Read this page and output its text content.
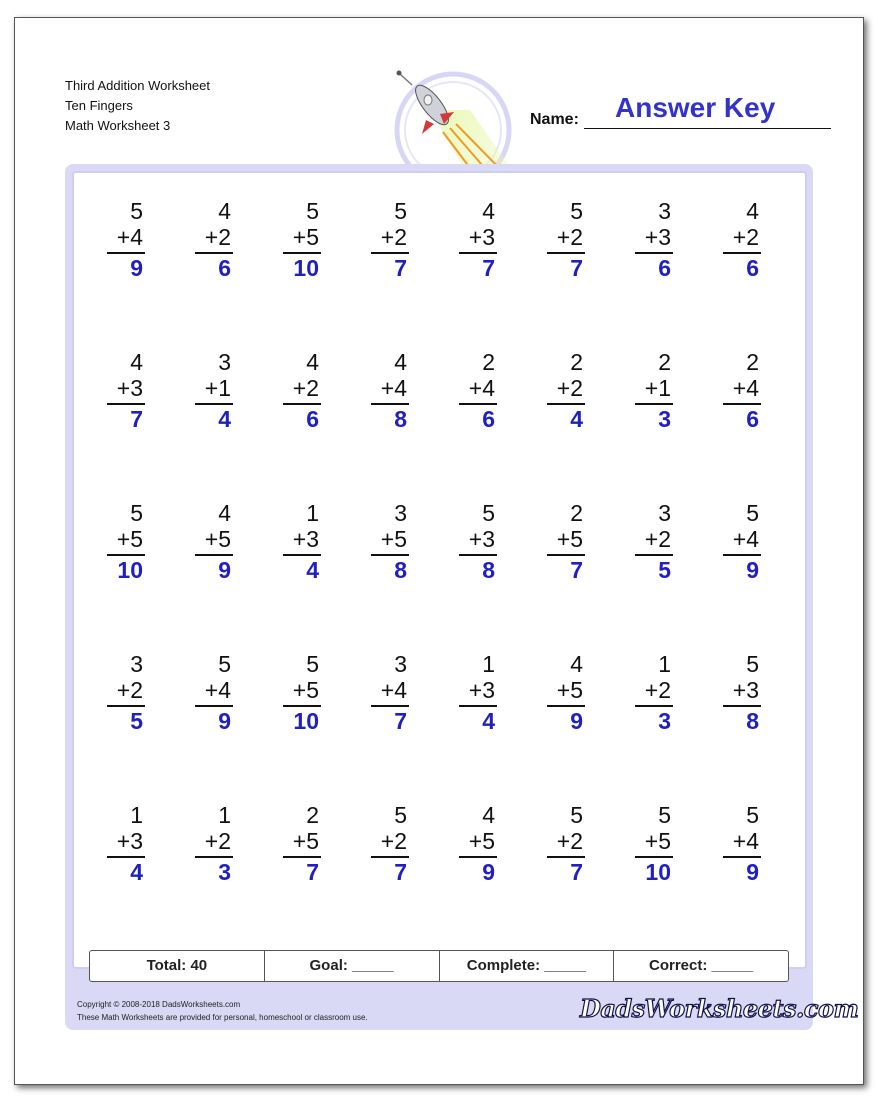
Third Addition Worksheet
Ten Fingers
Math Worksheet 3	Name: Answer Key
5
+4
9
4
+2
6
5
+5
10
5
+2
7
4
+3
7
5
+2
7
3
+3
6
4
+2
6
4
+3
7
3
+1
4
4
+2
6
4
+4
8
2
+4
6
2
+2
4
2
+1
3
2
+4
6
5
+5
10
4
+5
9
1
+3
4
3
+5
8
5
+3
8
2
+5
7
3
+2
5
5
+4
9
3
+2
5
5
+4
9
5
+5
10
3
+4
7
1
+3
4
4
+5
9
1
+2
3
5
+3
8
1
+3
4
1
+2
3
2
+5
7
5
+2
7
4
+5
9
5
+2
7
5
+5
10
5
+4
9
Total: 40	Goal: _____	Complete: _____	Correct: _____
Copyright © 2008-2018 DadsWorksheets.com
These Math Worksheets are provided for personal, homeschool or classroom use.	DadsWorksheets.com
